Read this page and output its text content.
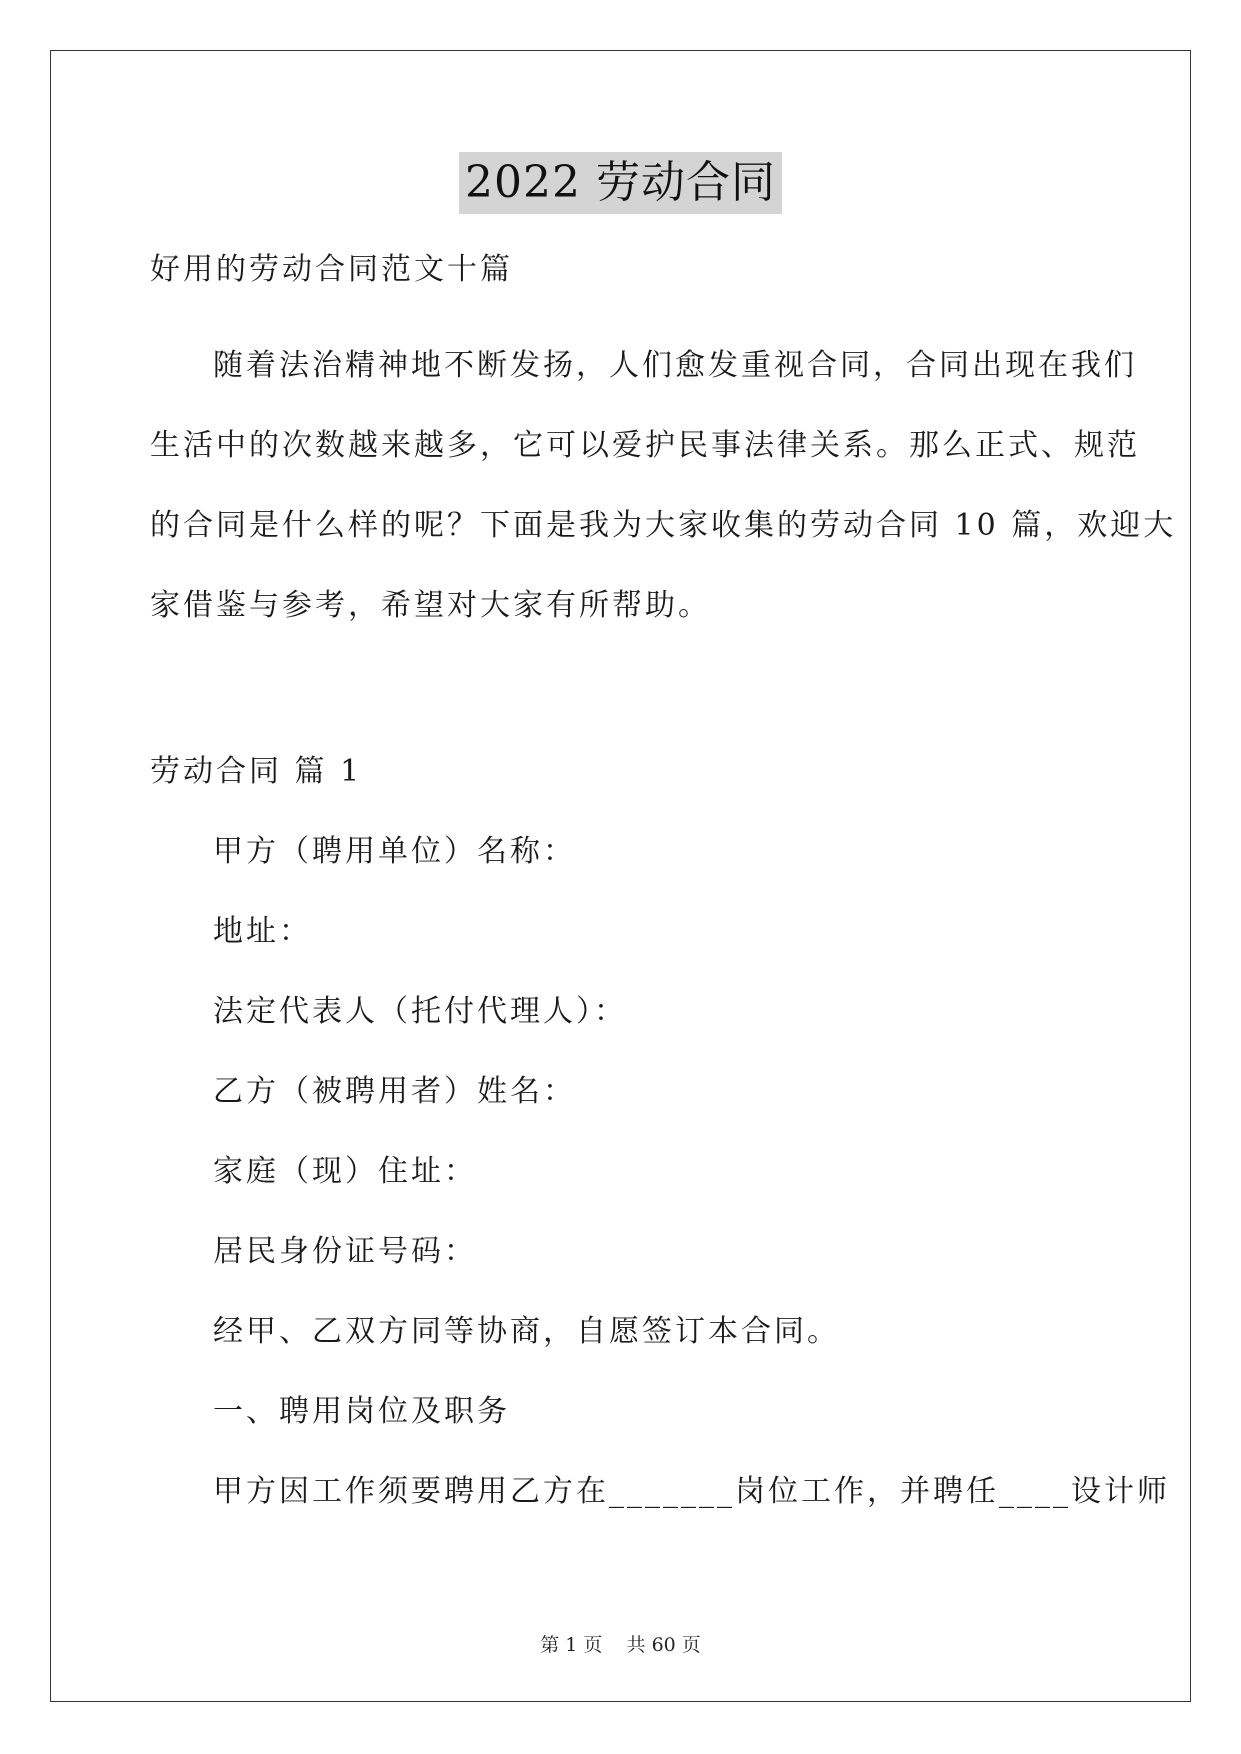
2022 劳动合同
好用的劳动合同范文十篇
随着法治精神地不断发扬，人们愈发重视合同，合同出现在我们
生活中的次数越来越多，它可以爱护民事法律关系。那么正式、规范
的合同是什么样的呢？下面是我为大家收集的劳动合同 10 篇，欢迎大
家借鉴与参考，希望对大家有所帮助。
劳动合同 篇 1
甲方（聘用单位）名称：
地址：
法定代表人（托付代理人）：
乙方（被聘用者）姓名：
家庭（现）住址：
居民身份证号码：
经甲、乙双方同等协商，自愿签订本合同。
一、聘用岗位及职务
甲方因工作须要聘用乙方在_______岗位工作，并聘任____设计师
第 1 页    共 60 页
